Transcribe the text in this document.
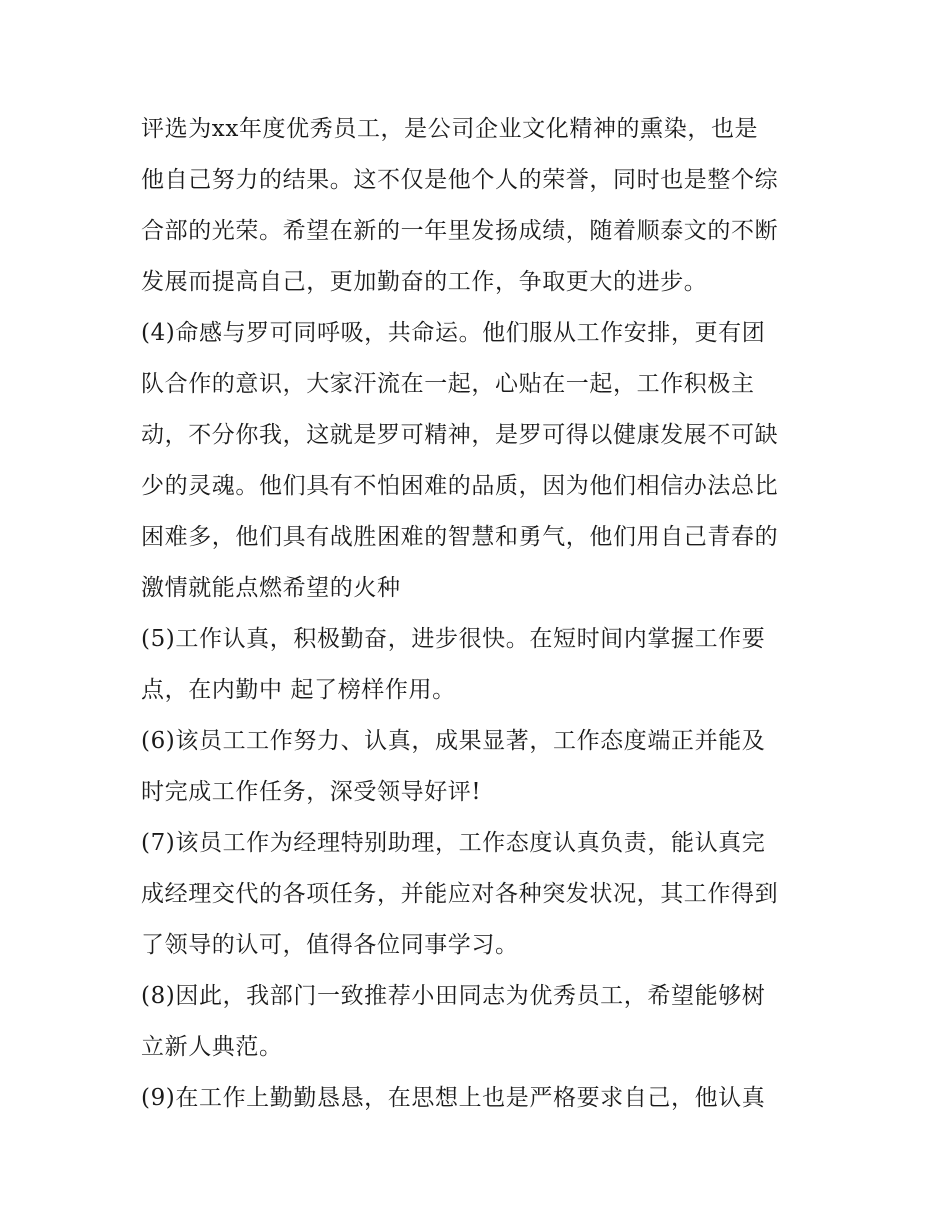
评选为xx年度优秀员工，是公司企业文化精神的熏染，也是
他自己努力的结果。这不仅是他个人的荣誉，同时也是整个综
合部的光荣。希望在新的一年里发扬成绩，随着顺泰文的不断
发展而提高自己，更加勤奋的工作，争取更大的进步。
(4)命感与罗可同呼吸，共命运。他们服从工作安排，更有团
队合作的意识，大家汗流在一起，心贴在一起，工作积极主
动，不分你我，这就是罗可精神，是罗可得以健康发展不可缺
少的灵魂。他们具有不怕困难的品质，因为他们相信办法总比
困难多，他们具有战胜困难的智慧和勇气，他们用自己青春的
激情就能点燃希望的火种
(5)工作认真，积极勤奋，进步很快。在短时间内掌握工作要
点，在内勤中 起了榜样作用。
(6)该员工工作努力、认真，成果显著，工作态度端正并能及
时完成工作任务，深受领导好评!
(7)该员工作为经理特别助理，工作态度认真负责，能认真完
成经理交代的各项任务，并能应对各种突发状况，其工作得到
了领导的认可，值得各位同事学习。
(8)因此，我部门一致推荐小田同志为优秀员工，希望能够树
立新人典范。
(9)在工作上勤勤恳恳，在思想上也是严格要求自己，他认真
